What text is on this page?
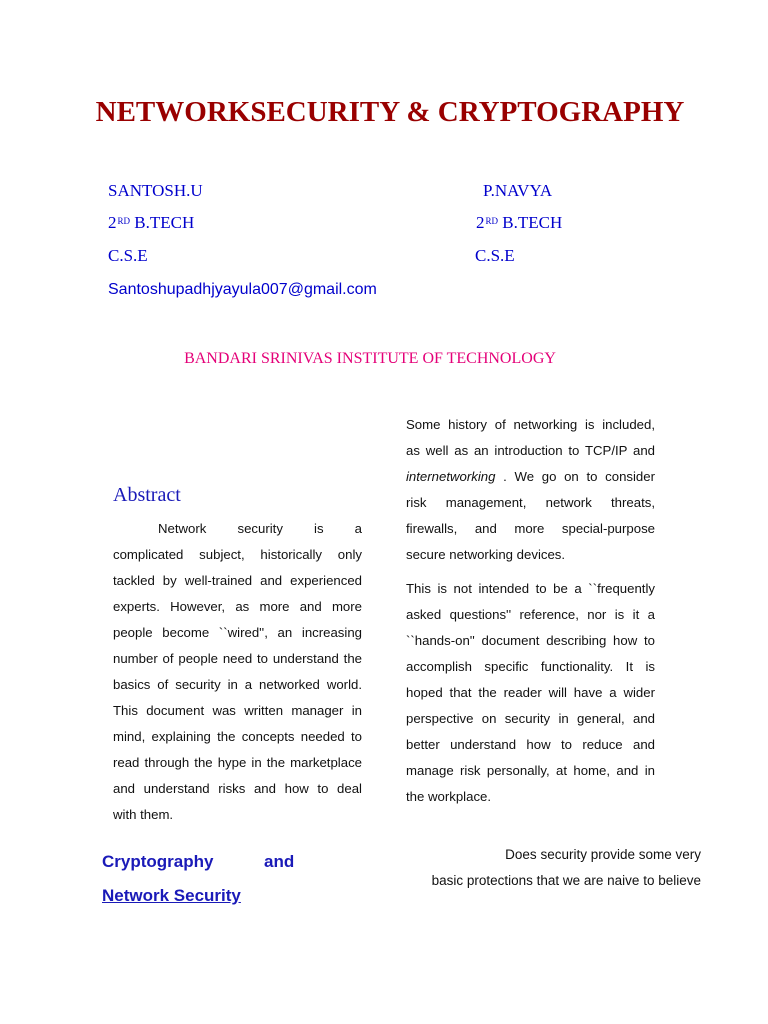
NETWORKSECURITY & CRYPTOGRAPHY
SANTOSH.U
2RD B.TECH
C.S.E
Santoshupadhjyayula007@gmail.com
P.NAVYA
2RD B.TECH
C.S.E
BANDARI SRINIVAS INSTITUTE OF TECHNOLOGY
Abstract
Network security is a
complicated subject, historically only
tackled by well-trained and experienced
experts. However, as more and more
people become ``wired'', an increasing
number of people need to understand the
basics of security in a networked world.
This document was written manager in
mind, explaining the concepts needed to
read through the hype in the marketplace
and understand risks and how to deal
with them.

Some history of networking is included,
as well as an introduction to TCP/IP and
internetworking . We go on to consider
risk management, network threats,
firewalls, and more special-purpose
secure networking devices.

This is not intended to be a ``frequently
asked questions'' reference, nor is it a
``hands-on'' document describing how to
accomplish specific functionality. It is
hoped that the reader will have a wider
perspective on security in general, and
better understand how to reduce and
manage risk personally, at home, and in
the workplace.

Cryptography	and
Network Security
Does security provide some very
basic protections that we are naive to believe
